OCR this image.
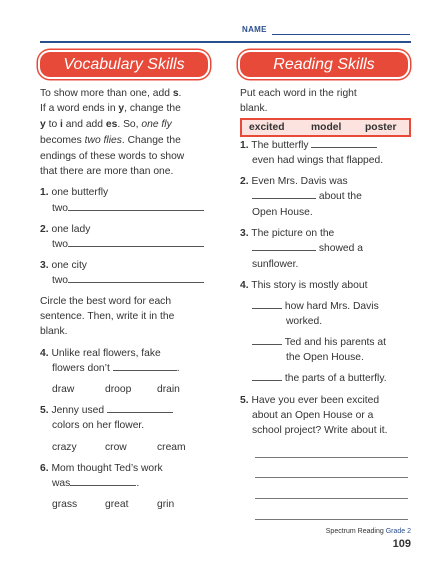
NAME
Vocabulary Skills	Reading Skills
To show more than one, add s.
If a word ends in y, change the
y to i and add es. So, one fly
becomes two flies. Change the
endings of these words to show
that there are more than one.
1. one butterfly
two
2. one lady
two
3. one city
two
Circle the best word for each
sentence. Then, write it in the
blank.
4. Unlike real flowers, fake
flowers don’t	.
draw	droop drain
5. Jenny used
colors on her flower.
crazy	crow	cream
6. Mom thought Ted’s work
was	.
grass	great	grin
Put each word in the right
blank.
excited	model poster
1. The butterfly
even had wings that flapped.
2. Even Mrs. Davis was
about the
Open House.
3. The picture on the
showed a
sunflower.
4. This story is mostly about
how hard Mrs. Davis
worked.
Ted and his parents at
the Open House.
the parts of a butterfly.
5. Have you ever been excited
about an Open House or a
school project? Write about it.
Spectrum Reading Grade 2
109
